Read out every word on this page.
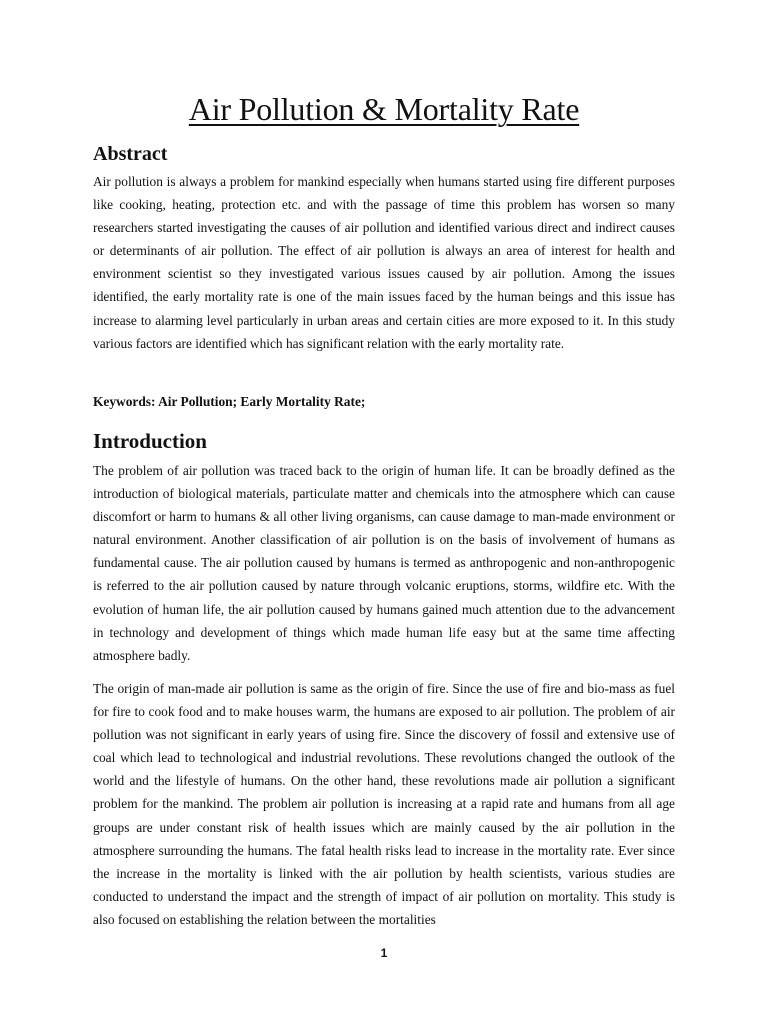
Air Pollution & Mortality Rate
Abstract

Air pollution is always a problem for mankind especially when humans started using fire different purposes like cooking, heating, protection etc. and with the passage of time this problem has worsen so many researchers started investigating the causes of air pollution and identified various direct and indirect causes or determinants of air pollution. The effect of air pollution is always an area of interest for health and environment scientist so they investigated various issues caused by air pollution. Among the issues identified, the early mortality rate is one of the main issues faced by the human beings and this issue has increase to alarming level particularly in urban areas and certain cities are more exposed to it. In this study various factors are identified which has significant relation with the early mortality rate.

Keywords: Air Pollution; Early Mortality Rate;

Introduction

The problem of air pollution was traced back to the origin of human life. It can be broadly defined as the introduction of biological materials, particulate matter and chemicals into the atmosphere which can cause discomfort or harm to humans & all other living organisms, can cause damage to man-made environment or natural environment. Another classification of air pollution is on the basis of involvement of humans as fundamental cause. The air pollution caused by humans is termed as anthropogenic and non-anthropogenic is referred to the air pollution caused by nature through volcanic eruptions, storms, wildfire etc. With the evolution of human life, the air pollution caused by humans gained much attention due to the advancement in technology and development of things which made human life easy but at the same time affecting atmosphere badly.

The origin of man-made air pollution is same as the origin of fire. Since the use of fire and bio-mass as fuel for fire to cook food and to make houses warm, the humans are exposed to air pollution. The problem of air pollution was not significant in early years of using fire. Since the discovery of fossil and extensive use of coal which lead to technological and industrial revolutions. These revolutions changed the outlook of the world and the lifestyle of humans. On the other hand, these revolutions made air pollution a significant problem for the mankind. The problem air pollution is increasing at a rapid rate and humans from all age groups are under constant risk of health issues which are mainly caused by the air pollution in the atmosphere surrounding the humans. The fatal health risks lead to increase in the mortality rate. Ever since the increase in the mortality is linked with the air pollution by health scientists, various studies are conducted to understand the impact and the strength of impact of air pollution on mortality. This study is also focused on establishing the relation between the mortalities

1
